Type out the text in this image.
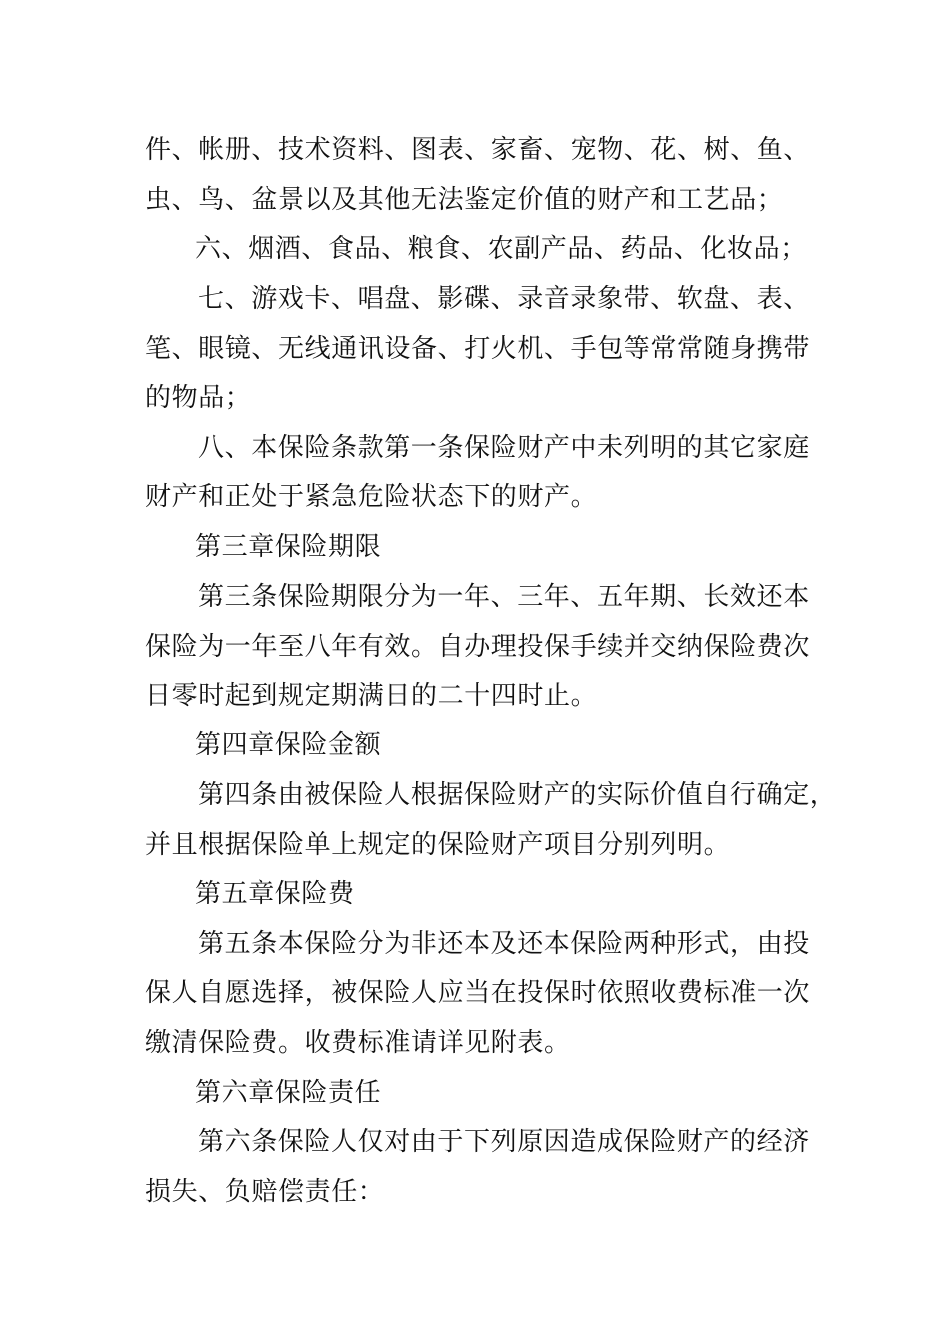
件、帐册、技术资料、图表、家畜、宠物、花、树、鱼、
虫、鸟、盆景以及其他无法鉴定价值的财产和工艺品；
六、烟酒、食品、粮食、农副产品、药品、化妆品；
七、游戏卡、唱盘、影碟、录音录象带、软盘、表、
笔、眼镜、无线通讯设备、打火机、手包等常常随身携带
的物品；
八、本保险条款第一条保险财产中未列明的其它家庭
财产和正处于紧急危险状态下的财产。
第三章保险期限
第三条保险期限分为一年、三年、五年期、长效还本
保险为一年至八年有效。自办理投保手续并交纳保险费次
日零时起到规定期满日的二十四时止。
第四章保险金额
第四条由被保险人根据保险财产的实际价值自行确定，
并且根据保险单上规定的保险财产项目分别列明。
第五章保险费
第五条本保险分为非还本及还本保险两种形式，由投
保人自愿选择，被保险人应当在投保时依照收费标准一次
缴清保险费。收费标准请详见附表。
第六章保险责任
第六条保险人仅对由于下列原因造成保险财产的经济
损失、负赔偿责任：
